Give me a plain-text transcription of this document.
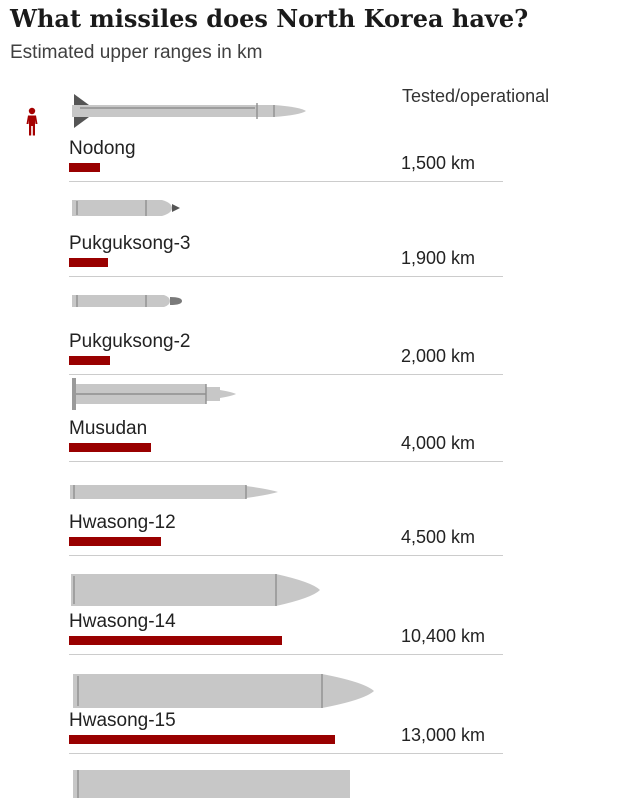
What missiles does North Korea have?
Estimated upper ranges in km
Tested/operational
Nodong
1,500 km
Pukguksong-3
1,900 km
Pukguksong-2
2,000 km
Musudan
4,000 km
Hwasong-12
4,500 km
Hwasong-14
10,400 km
Hwasong-15
13,000 km
